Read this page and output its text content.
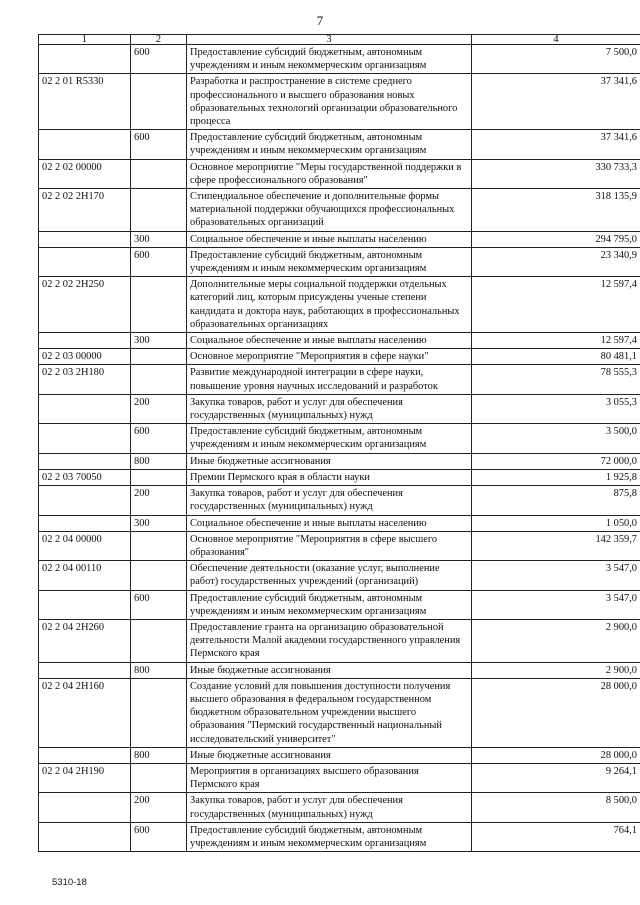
7
1	2	3	4
	600	Предоставление субсидий бюджетным, автономным учреждениям и иным некоммерческим организациям	7 500,0
02 2 01 R5330		Разработка и распространение в системе среднего профессионального и высшего образования новых образовательных технологий организации образовательного процесса	37 341,6
	600	Предоставление субсидий бюджетным, автономным учреждениям и иным некоммерческим организациям	37 341,6
02 2 02 00000		Основное мероприятие "Меры государственной поддержки в сфере профессионального образования"	330 733,3
02 2 02 2Н170		Стипендиальное обеспечение и дополнительные формы материальной поддержки обучающихся профессиональных образовательных организаций	318 135,9
	300	Социальное обеспечение и иные выплаты населению	294 795,0
	600	Предоставление субсидий бюджетным, автономным учреждениям и иным некоммерческим организациям	23 340,9
02 2 02 2Н250		Дополнительные меры социальной поддержки отдельных категорий лиц, которым присуждены ученые степени кандидата и доктора наук, работающих в профессиональных образовательных организациях	12 597,4
	300	Социальное обеспечение и иные выплаты населению	12 597,4
02 2 03 00000		Основное мероприятие "Мероприятия в сфере науки"	80 481,1
02 2 03 2Н180		Развитие международной интеграции в сфере науки, повышение уровня научных исследований и разработок	78 555,3
	200	Закупка товаров, работ и услуг для обеспечения государственных (муниципальных) нужд	3 055,3
	600	Предоставление субсидий бюджетным, автономным учреждениям и иным некоммерческим организациям	3 500,0
	800	Иные бюджетные ассигнования	72 000,0
02 2 03 70050		Премии Пермского края в области науки	1 925,8
	200	Закупка товаров, работ и услуг для обеспечения государственных (муниципальных) нужд	875,8
	300	Социальное обеспечение и иные выплаты населению	1 050,0
02 2 04 00000		Основное мероприятие "Мероприятия в сфере высшего образования"	142 359,7
02 2 04 00110		Обеспечение деятельности (оказание услуг, выполнение работ) государственных учреждений (организаций)	3 547,0
	600	Предоставление субсидий бюджетным, автономным учреждениям и иным некоммерческим организациям	3 547,0
02 2 04 2Н260		Предоставление гранта на организацию образовательной деятельности Малой академии государственного управления Пермского края	2 900,0
	800	Иные бюджетные ассигнования	2 900,0
02 2 04 2Н160		Создание условий для повышения доступности получения высшего образования в федеральном государственном бюджетном образовательном учреждении высшего образования "Пермский государственный национальный исследовательский университет"	28 000,0
	800	Иные бюджетные ассигнования	28 000,0
02 2 04 2Н190		Мероприятия в организациях высшего образования Пермского края	9 264,1
	200	Закупка товаров, работ и услуг для обеспечения государственных (муниципальных) нужд	8 500,0
	600	Предоставление субсидий бюджетным, автономным учреждениям и иным некоммерческим организациям	764,1
5310-18
